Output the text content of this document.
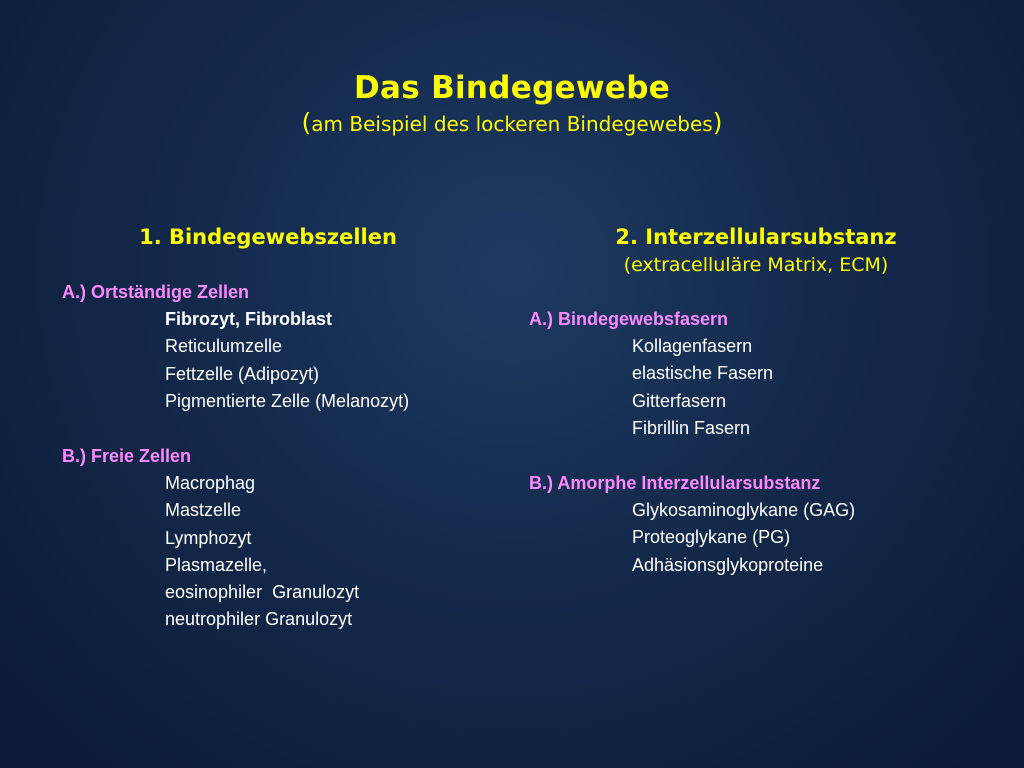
Das Bindegewebe
(am Beispiel des lockeren Bindegewebes)
1. Bindegewebszellen	2. Interzellularsubstanz
(extracelluläre Matrix, ECM)
A.) Ortständige Zellen
Fibrozyt, Fibroblast
Reticulumzelle
Fettzelle (Adipozyt)
Pigmentierte Zelle (Melanozyt)
B.) Freie Zellen
Macrophag
Mastzelle
Lymphozyt
Plasmazelle,
eosinophiler  Granulozyt
neutrophiler Granulozyt
A.) Bindegewebsfasern
Kollagenfasern
elastische Fasern
Gitterfasern
Fibrillin Fasern
B.) Amorphe Interzellularsubstanz
Glykosaminoglykane (GAG)
Proteoglykane (PG)
Adhäsionsglykoproteine
